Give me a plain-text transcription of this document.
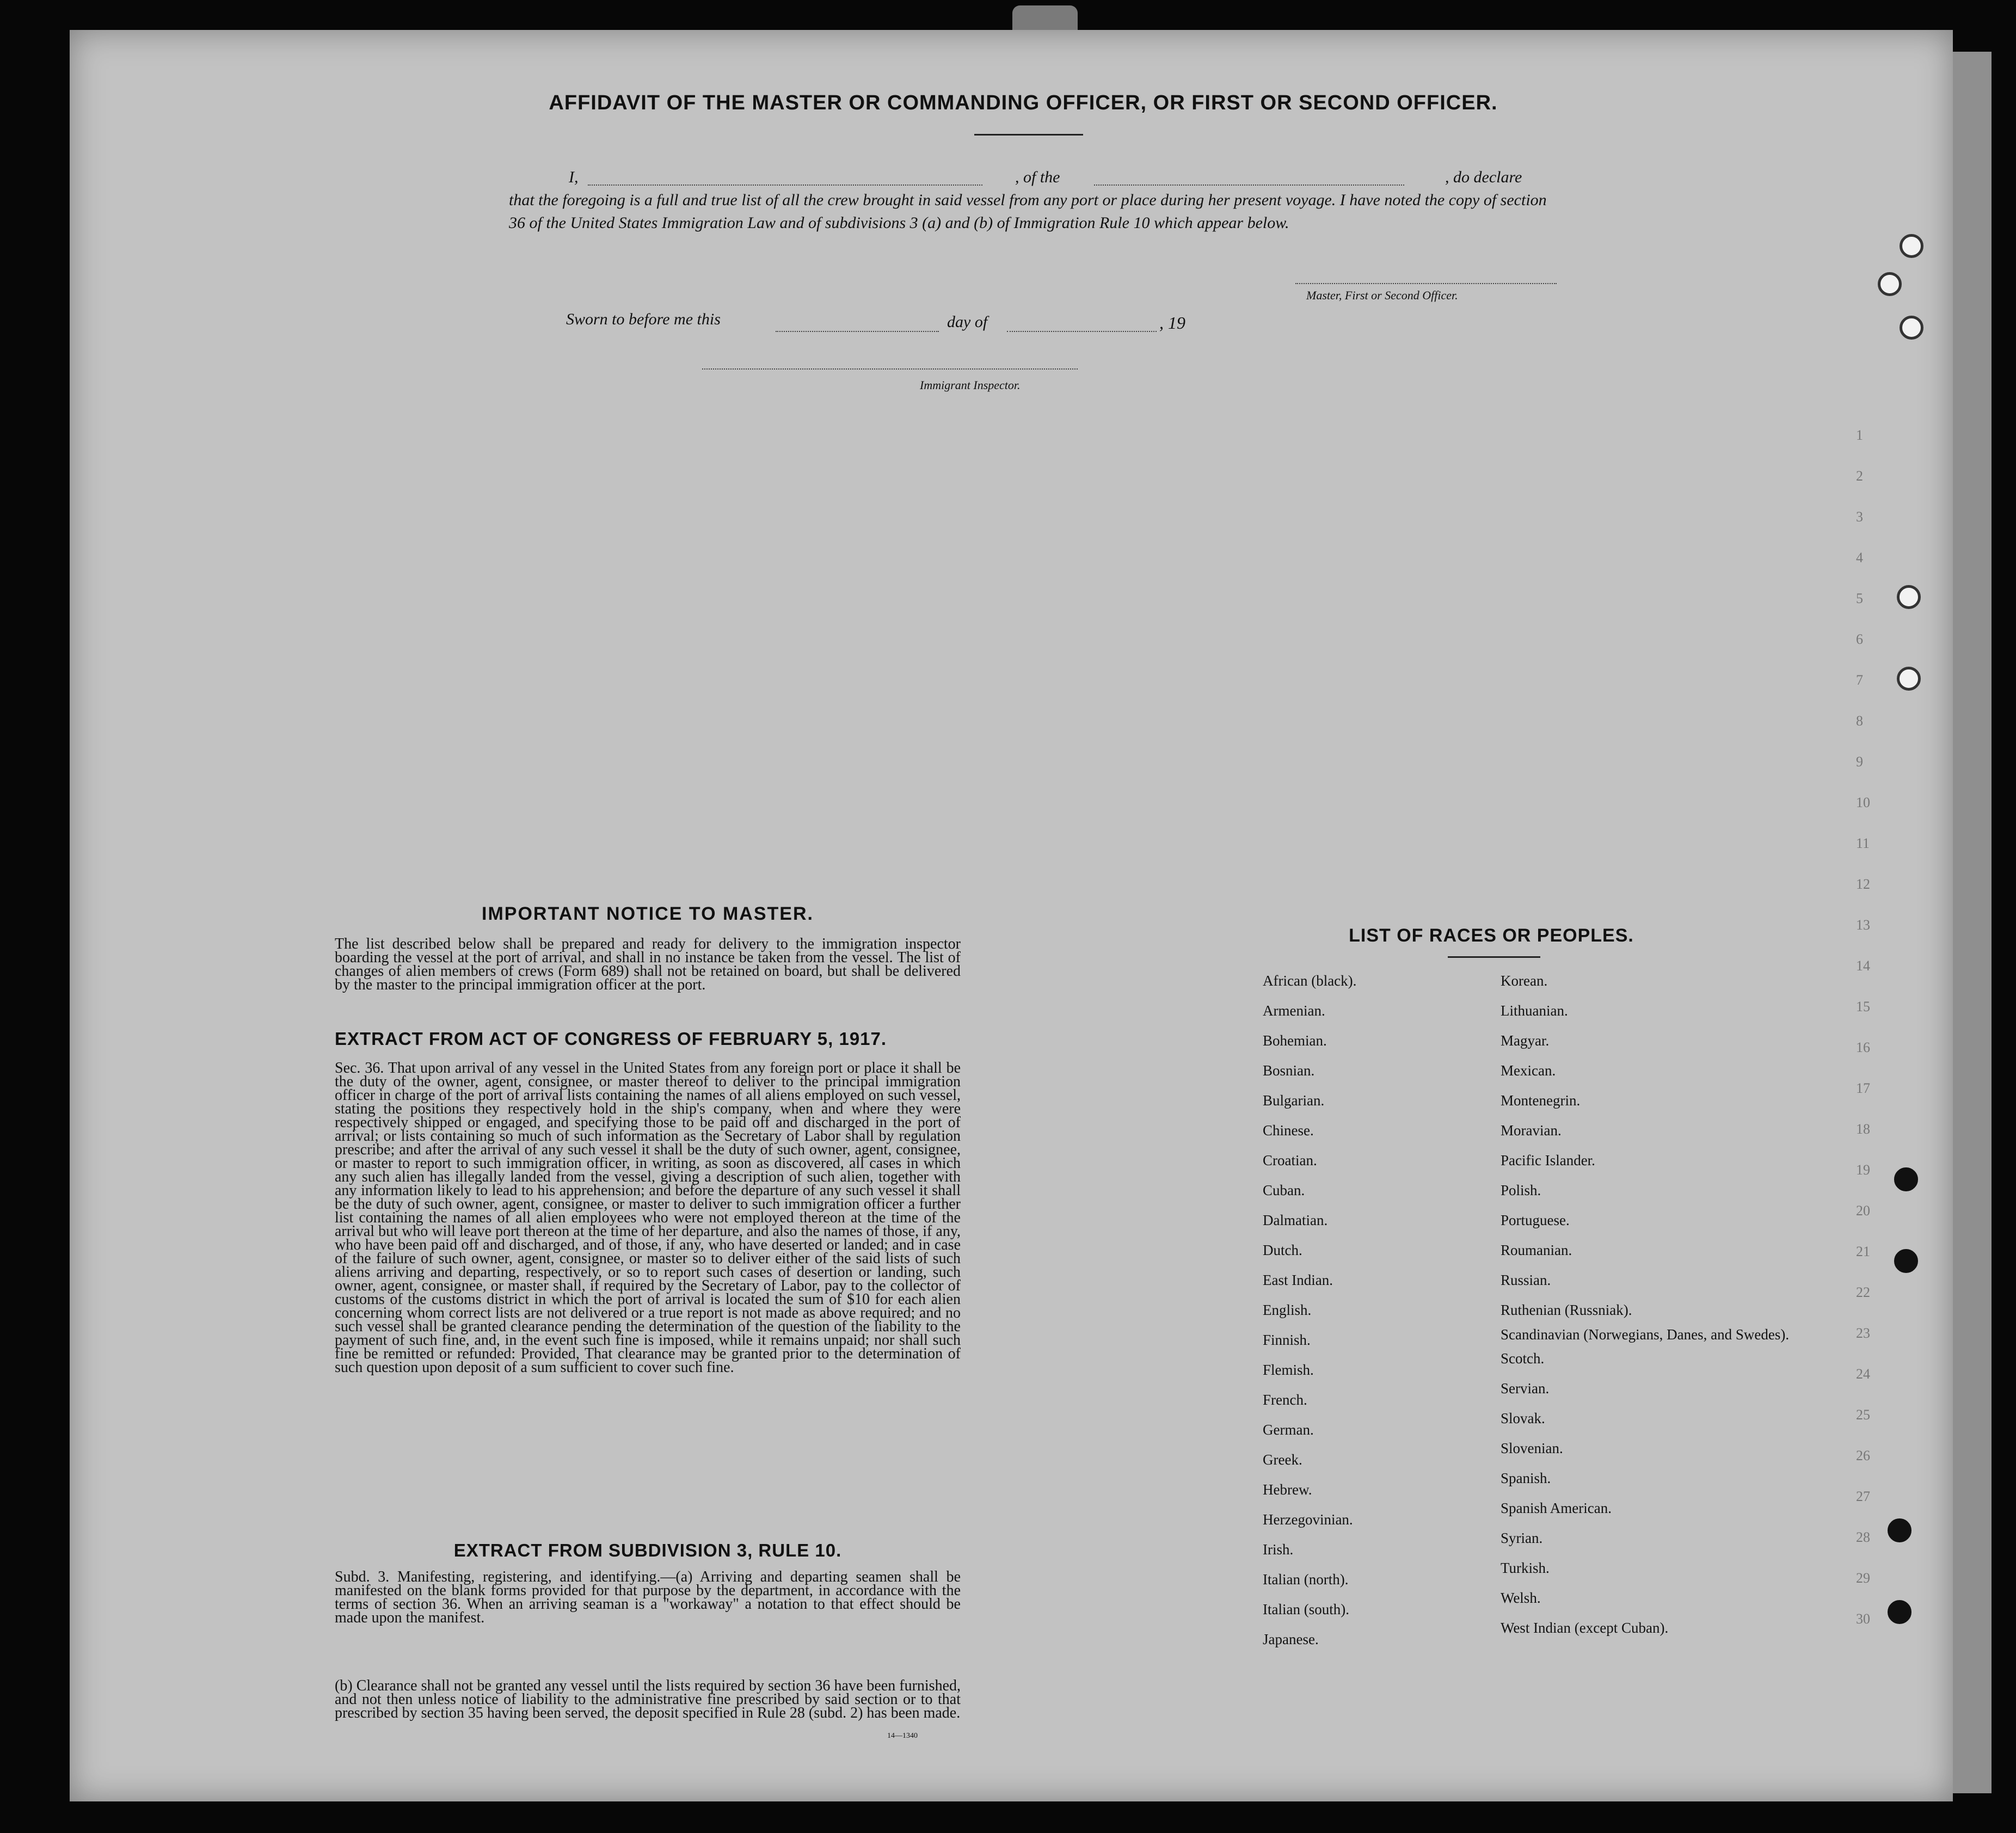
AFFIDAVIT OF THE MASTER OR COMMANDING OFFICER, OR FIRST OR SECOND OFFICER.
I,	, of the	, do declare
that the foregoing is a full and true list of all the crew brought in said vessel from any port or place during her present voyage. I have noted the copy of section 36 of the United States Immigration Law and of subdivisions 3 (a) and (b) of Immigration Rule 10 which appear below.
Master, First or Second Officer.
Sworn to before me this	day of	, 19
Immigrant Inspector.
IMPORTANT NOTICE TO MASTER.
The list described below shall be prepared and ready for delivery to the immigration inspector boarding the vessel at the port of arrival, and shall in no instance be taken from the vessel. The list of changes of alien members of crews (Form 689) shall not be retained on board, but shall be delivered by the master to the principal immigration officer at the port.
EXTRACT FROM ACT OF CONGRESS OF FEBRUARY 5, 1917.
Sec. 36. That upon arrival of any vessel in the United States from any foreign port or place it shall be the duty of the owner, agent, consignee, or master thereof to deliver to the principal immigration officer in charge of the port of arrival lists containing the names of all aliens employed on such vessel, stating the positions they respectively hold in the ship's company, when and where they were respectively shipped or engaged, and specifying those to be paid off and discharged in the port of arrival; or lists containing so much of such information as the Secretary of Labor shall by regulation prescribe; and after the arrival of any such vessel it shall be the duty of such owner, agent, consignee, or master to report to such immigration officer, in writing, as soon as discovered, all cases in which any such alien has illegally landed from the vessel, giving a description of such alien, together with any information likely to lead to his apprehension; and before the departure of any such vessel it shall be the duty of such owner, agent, consignee, or master to deliver to such immigration officer a further list containing the names of all alien employees who were not employed thereon at the time of the arrival but who will leave port thereon at the time of her departure, and also the names of those, if any, who have been paid off and discharged, and of those, if any, who have deserted or landed; and in case of the failure of such owner, agent, consignee, or master so to deliver either of the said lists of such aliens arriving and departing, respectively, or so to report such cases of desertion or landing, such owner, agent, consignee, or master shall, if required by the Secretary of Labor, pay to the collector of customs of the customs district in which the port of arrival is located the sum of $10 for each alien concerning whom correct lists are not delivered or a true report is not made as above required; and no such vessel shall be granted clearance pending the determination of the question of the liability to the payment of such fine, and, in the event such fine is imposed, while it remains unpaid; nor shall such fine be remitted or refunded: Provided, That clearance may be granted prior to the determination of such question upon deposit of a sum sufficient to cover such fine.
EXTRACT FROM SUBDIVISION 3, RULE 10.
Subd. 3. Manifesting, registering, and identifying.—(a) Arriving and departing seamen shall be manifested on the blank forms provided for that purpose by the department, in accordance with the terms of section 36. When an arriving seaman is a "workaway" a notation to that effect should be made upon the manifest.
(b) Clearance shall not be granted any vessel until the lists required by section 36 have been furnished, and not then unless notice of liability to the administrative fine prescribed by said section or to that prescribed by section 35 having been served, the deposit specified in Rule 28 (subd. 2) has been made.
14—1340
LIST OF RACES OR PEOPLES.
African (black).
Armenian.
Bohemian.
Bosnian.
Bulgarian.
Chinese.
Croatian.
Cuban.
Dalmatian.
Dutch.
East Indian.
English.
Finnish.
Flemish.
French.
German.
Greek.
Hebrew.
Herzegovinian.
Irish.
Italian (north).
Italian (south).
Japanese.
Korean.
Lithuanian.
Magyar.
Mexican.
Montenegrin.
Moravian.
Pacific Islander.
Polish.
Portuguese.
Roumanian.
Russian.
Ruthenian (Russniak).
Scandinavian (Norwegians, Danes, and Swedes).
Scotch.
Servian.
Slovak.
Slovenian.
Spanish.
Spanish American.
Syrian.
Turkish.
Welsh.
West Indian (except Cuban).
1
2
3
4
5
6
7
8
9
10
11
12
13
14
15
16
17
18
19
20
21
22
23
24
25
26
27
28
29
30
